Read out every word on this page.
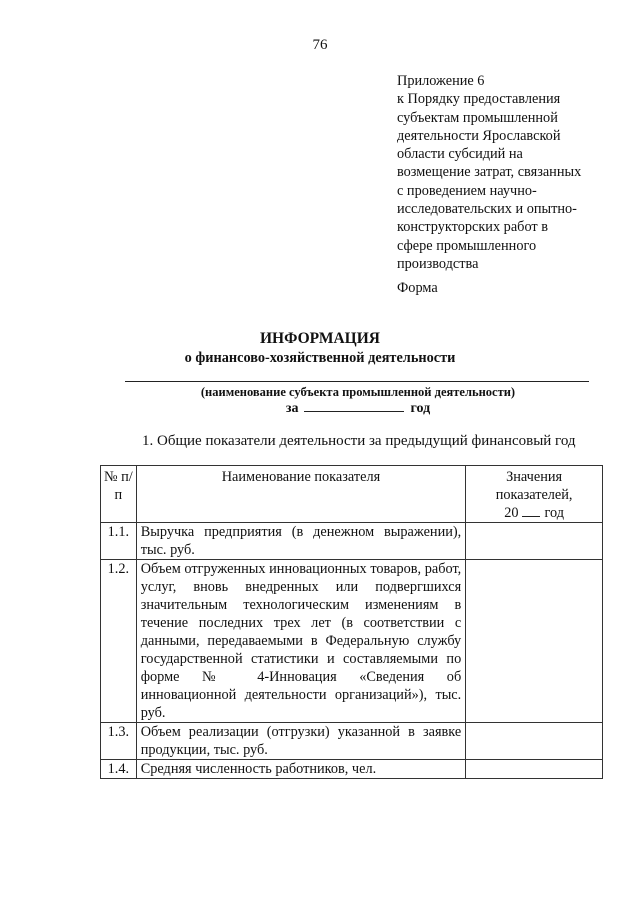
76
Приложение 6
к Порядку предоставления
субъектам промышленной
деятельности Ярославской
области субсидий на
возмещение затрат, связанных
с проведением научно-
исследовательских и опытно-
конструкторских работ в
сфере промышленного
производства
Форма
ИНФОРМАЦИЯ
о финансово-хозяйственной деятельности
(наименование субъекта промышленной деятельности)
за	год
1. Общие показатели деятельности за предыдущий финансовый год
№ п/п	Наименование показателя	Значения
показателей,
20 год
1.1.	Выручка предприятия (в денежном выражении), тыс. руб.	
1.2.	Объем отгруженных инновационных товаров, работ, услуг, вновь внедренных или подвергшихся значительным технологическим изменениям в течение последних трех лет (в соответствии с данными, передаваемыми в Федеральную службу государственной статистики и составляемыми по форме № 4-Инновация «Сведения об инновационной деятельности организаций»), тыс. руб.	
1.3.	Объем реализации (отгрузки) указанной в заявке продукции, тыс. руб.	
1.4.	Средняя численность работников, чел.	
